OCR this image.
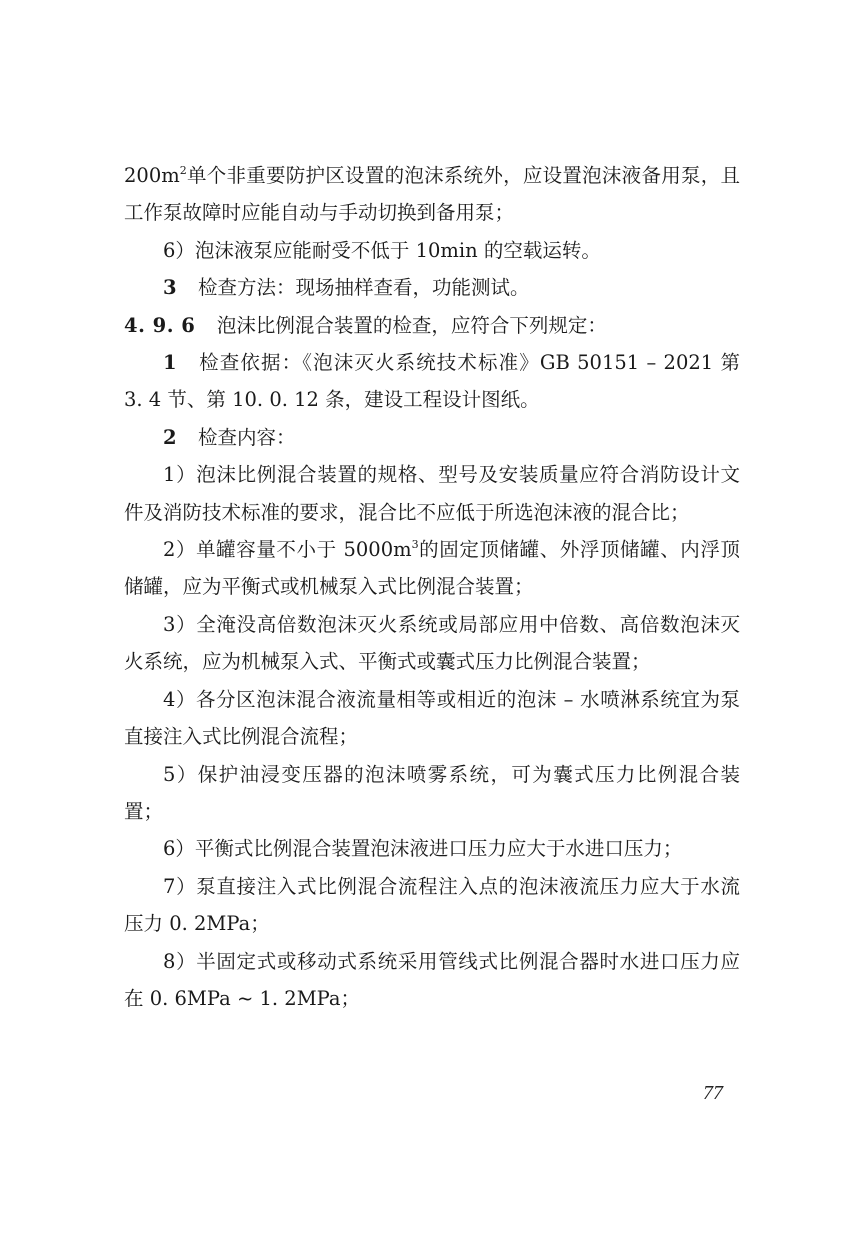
$200m^2$单个非重要防护区设置的泡沫系统外，应设置泡沫液备用泵，且工作泵故障时应能自动与手动切换到备用泵；

6）泡沫液泵应能耐受不低于 10min 的空载运转。

3 检查方法：现场抽样查看，功能测试。

4. 9. 6 泡沫比例混合装置的检查，应符合下列规定：

1 检查依据：《泡沫灭火系统技术标准》GB 50151 – 2021 第 3. 4 节、第 10. 0. 12 条，建设工程设计图纸。

2 检查内容：

1）泡沫比例混合装置的规格、型号及安装质量应符合消防设计文件及消防技术标准的要求，混合比不应低于所选泡沫液的混合比；

2）单罐容量不小于 $5000m^3$的固定顶储罐、外浮顶储罐、内浮顶储罐，应为平衡式或机械泵入式比例混合装置；

3）全淹没高倍数泡沫灭火系统或局部应用中倍数、高倍数泡沫灭火系统，应为机械泵入式、平衡式或囊式压力比例混合装置；

4）各分区泡沫混合液流量相等或相近的泡沫 – 水喷淋系统宜为泵直接注入式比例混合流程；

5）保护油浸变压器的泡沫喷雾系统，可为囊式压力比例混合装置；

6）平衡式比例混合装置泡沫液进口压力应大于水进口压力；

7）泵直接注入式比例混合流程注入点的泡沫液流压力应大于水流压力 0. 2MPa；

8）半固定式或移动式系统采用管线式比例混合器时水进口压力应在 0. 6MPa ~ 1. 2MPa；

77
